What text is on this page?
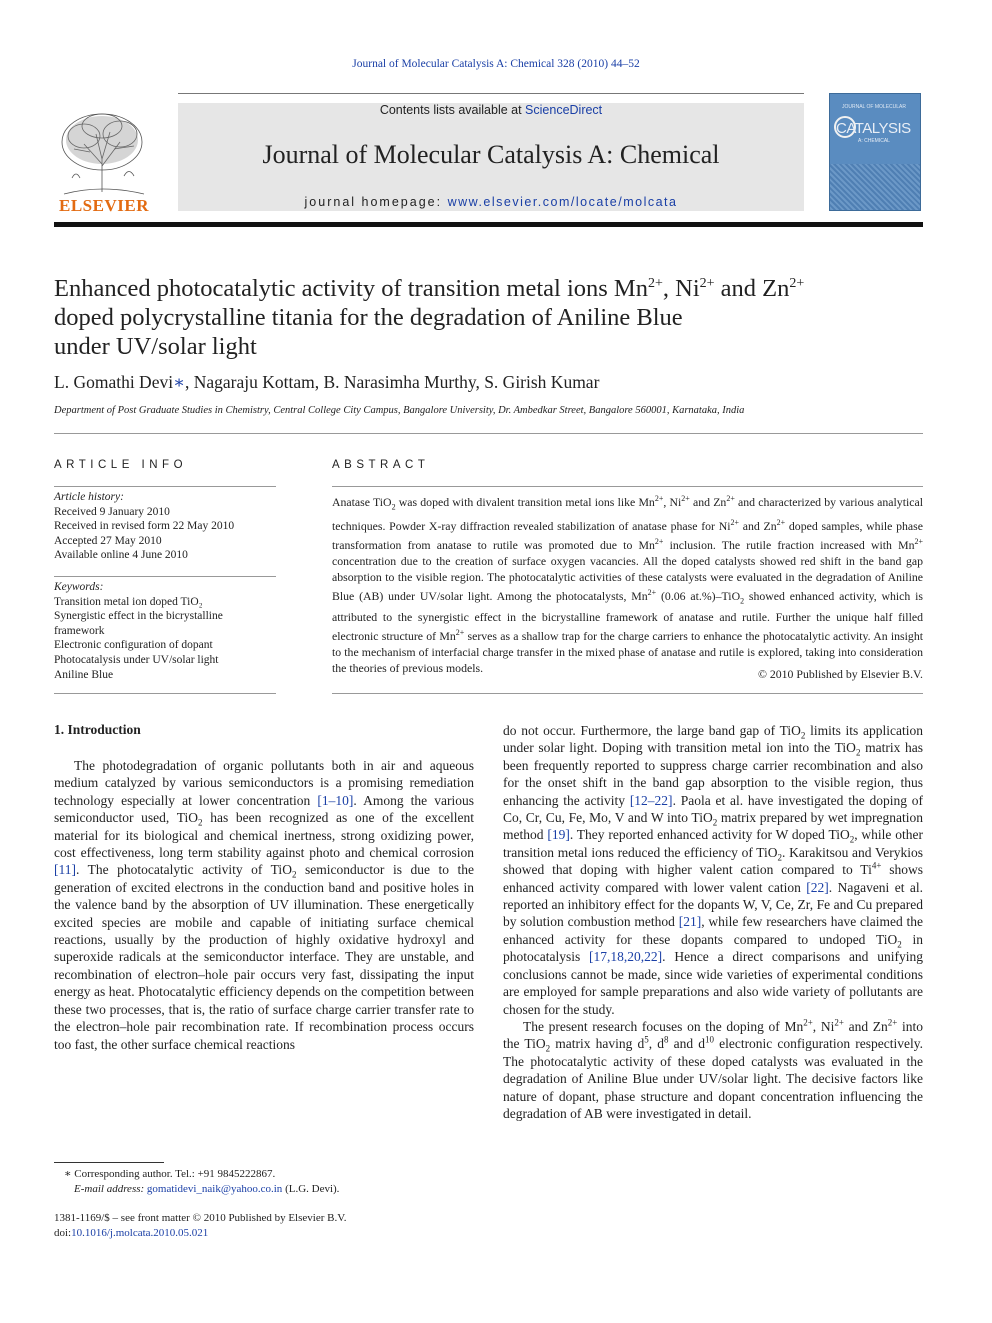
Journal of Molecular Catalysis A: Chemical 328 (2010) 44–52
ELSEVIER
Contents lists available at ScienceDirect
Journal of Molecular Catalysis A: Chemical
journal homepage: www.elsevier.com/locate/molcata
JOURNAL OF MOLECULAR
CATALYSIS
A: CHEMICAL
Enhanced photocatalytic activity of transition metal ions $Mn^{2+}$, $Ni^{2+}$ and $Zn^{2+}$
doped polycrystalline titania for the degradation of Aniline Blue
under UV/solar light
L. Gomathi Devi∗, Nagaraju Kottam, B. Narasimha Murthy, S. Girish Kumar
Department of Post Graduate Studies in Chemistry, Central College City Campus, Bangalore University, Dr. Ambedkar Street, Bangalore 560001, Karnataka, India
ARTICLE INFO
Article history:
Received 9 January 2010
Received in revised form 22 May 2010
Accepted 27 May 2010
Available online 4 June 2010
Keywords:
Transition metal ion doped TiO₂
Synergistic effect in the bicrystalline
framework
Electronic configuration of dopant
Photocatalysis under UV/solar light
Aniline Blue
ABSTRACT
Anatase TiO$_2$ was doped with divalent transition metal ions like $Mn^{2+}$, $Ni^{2+}$ and $Zn^{2+}$ and characterized by various analytical techniques. Powder X-ray diffraction revealed stabilization of anatase phase for $Ni^{2+}$ and $Zn^{2+}$ doped samples, while phase transformation from anatase to rutile was promoted due to $Mn^{2+}$ inclusion. The rutile fraction increased with $Mn^{2+}$ concentration due to the creation of surface oxygen vacancies. All the doped catalysts showed red shift in the band gap absorption to the visible region. The photocatalytic activities of these catalysts were evaluated in the degradation of Aniline Blue (AB) under UV/solar light. Among the photocatalysts, $Mn^{2+}$ (0.06 at.%)–TiO$_2$ showed enhanced activity, which is attributed to the synergistic effect in the bicrystalline framework of anatase and rutile. Further the unique half filled electronic structure of $Mn^{2+}$ serves as a shallow trap for the charge carriers to enhance the photocatalytic activity. An insight to the mechanism of interfacial charge transfer in the mixed phase of anatase and rutile is explored, taking into consideration the theories of previous models.	© 2010 Published by Elsevier B.V.
1. Introduction

The photodegradation of organic pollutants both in air and aqueous medium catalyzed by various semiconductors is a promising remediation technology especially at lower concentration [1–10]. Among the various semiconductor used, TiO$_2$ has been recognized as one of the excellent material for its biological and chemical inertness, strong oxidizing power, cost effectiveness, long term stability against photo and chemical corrosion [11]. The photocatalytic activity of TiO$_2$ semiconductor is due to the generation of excited electrons in the conduction band and positive holes in the valence band by the absorption of UV illumination. These energetically excited species are mobile and capable of initiating surface chemical reactions, usually by the production of highly oxidative hydroxyl and superoxide radicals at the semiconductor interface. They are unstable, and recombination of electron–hole pair occurs very fast, dissipating the input energy as heat. Photocatalytic efficiency depends on the competition between these two processes, that is, the ratio of surface charge carrier transfer rate to the electron–hole pair recombination rate. If recombination process occurs too fast, the other surface chemical reactions

do not occur. Furthermore, the large band gap of TiO$_2$ limits its application under solar light. Doping with transition metal ion into the TiO$_2$ matrix has been frequently reported to suppress charge carrier recombination and also for the onset shift in the band gap absorption to the visible region, thus enhancing the activity [12–22]. Paola et al. have investigated the doping of Co, Cr, Cu, Fe, Mo, V and W into TiO$_2$ matrix prepared by wet impregnation method [19]. They reported enhanced activity for W doped TiO$_2$, while other transition metal ions reduced the efficiency of TiO$_2$. Karakitsou and Verykios showed that doping with higher valent cation compared to $Ti^{4+}$ shows enhanced activity compared with lower valent cation [22]. Nagaveni et al. reported an inhibitory effect for the dopants W, V, Ce, Zr, Fe and Cu prepared by solution combustion method [21], while few researchers have claimed the enhanced activity for these dopants compared to undoped TiO$_2$ in photocatalysis [17,18,20,22]. Hence a direct comparisons and unifying conclusions cannot be made, since wide varieties of experimental conditions are employed for sample preparations and also wide variety of pollutants are chosen for the study.

The present research focuses on the doping of $Mn^{2+}$, $Ni^{2+}$ and $Zn^{2+}$ into the TiO$_2$ matrix having $d^5$, $d^8$ and $d^{10}$ electronic configuration respectively. The photocatalytic activity of these doped catalysts was evaluated in the degradation of Aniline Blue under UV/solar light. The decisive factors like nature of dopant, phase structure and dopant concentration influencing the degradation of AB were investigated in detail.

∗ Corresponding author. Tel.: +91 9845222867.
E-mail address: gomatidevi_naik@yahoo.co.in (L.G. Devi).
1381-1169/$ – see front matter © 2010 Published by Elsevier B.V.
doi:10.1016/j.molcata.2010.05.021
